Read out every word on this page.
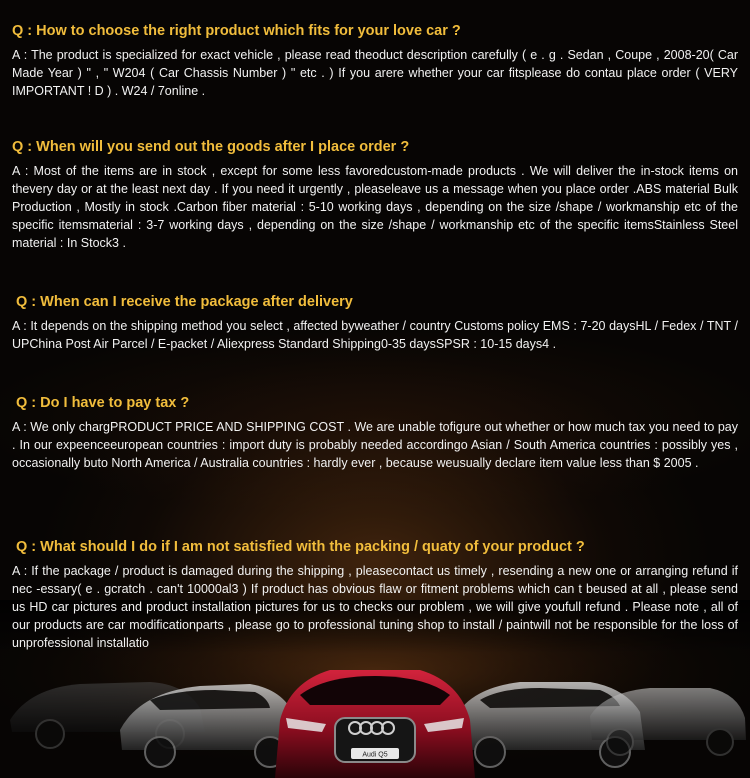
Q : How to choose the right product which fits for your love car ?

A : The product is specialized for exact vehicle , please read theoduct description carefully ( e . g . Sedan , Coupe , 2008-20( Car Made Year ) " , " W204 ( Car Chassis Number ) " etc . ) If you arere whether your car fitsplease do contau place order ( VERY IMPORTANT ! D ) . W24 / 7online .

Q : When will you send out the goods after I place order ?

A : Most of the items are in stock , except for some less favoredcustom-made products . We will deliver the in-stock items on thevery day or at the least next day . If you need it urgently , pleaseleave us a message when you place order .ABS material Bulk Production , Mostly in stock .Carbon fiber material : 5-10 working days , depending on the size /shape / workmanship etc of the specific itemsmaterial : 3-7 working days , depending on the size /shape / workmanship etc of the specific itemsStainless Steel material : In Stock3 .

Q : When can I receive the package after delivery

A : It depends on the shipping method you select , affected byweather / country Customs policy EMS : 7-20 daysHL / Fedex / TNT / UPChina Post Air Parcel / E-packet / Aliexpress Standard Shipping0-35 daysSPSR : 10-15 days4 .

Q : Do I have to pay tax ?

A : We only chargPRODUCT PRICE AND SHIPPING COST . We are unable tofigure out whether or how much tax you need to pay . In our expeenceeuropean countries : import duty is probably needed accordingo Asian / South America countries : possibly yes , occasionally buto North America / Australia countries : hardly ever , because weusually declare item value less than $ 2005 .

Q : What should I do if I am not satisfied with the packing / quaty of your product ?

A : If the package / product is damaged during the shipping , pleasecontact us timely , resending a new one or arranging refund if nec -essary( e . gcratch . can't 10000al3 ) If product has obvious flaw or fitment problems which can t beused at all , please send us HD car pictures and product installation pictures for us to checks our problem , we will give youfull refund . Please note , all of our products are car modificationparts , please go to professional tuning shop to install / paintwill not be responsible for the loss of unprofessional installatio
